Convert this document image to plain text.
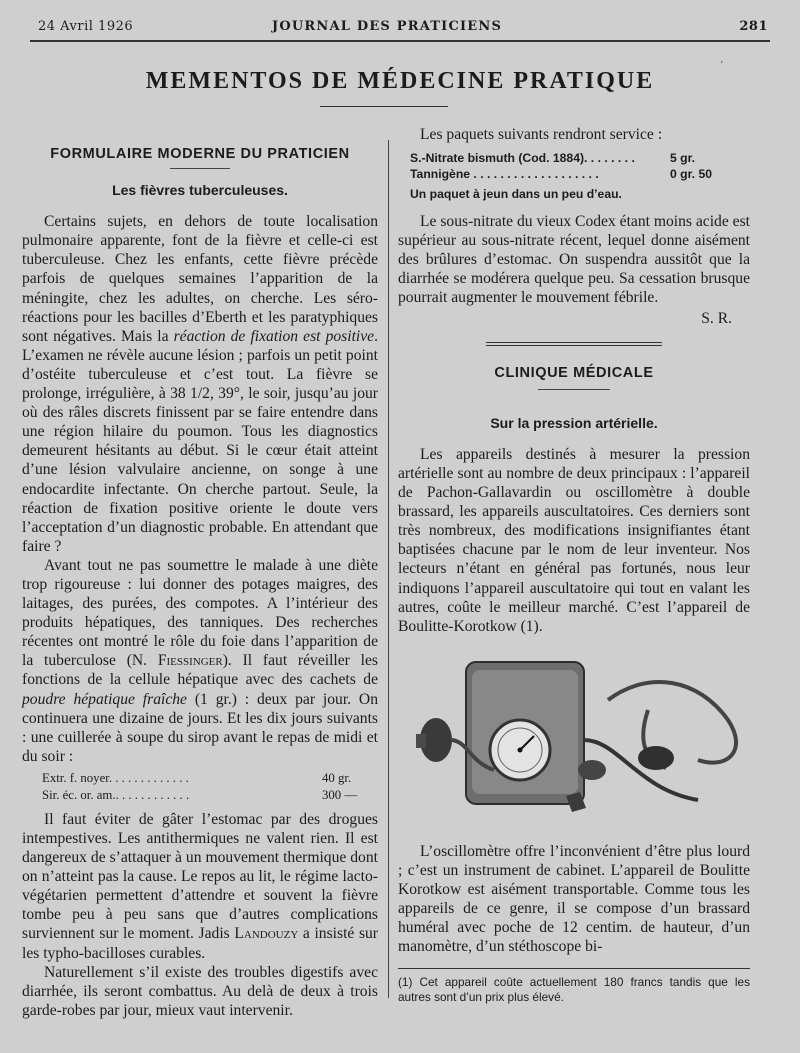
24 Avril 1926	JOURNAL DES PRATICIENS	281
MEMENTOS DE MÉDECINE PRATIQUE
‘
FORMULAIRE MODERNE DU PRATICIEN
Les fièvres tuberculeuses.

Certains sujets, en dehors de toute localisation pulmonaire apparente, font de la fièvre et celle-ci est tuberculeuse. Chez les enfants, cette fièvre précède parfois de quelques semaines l’apparition de la méningite, chez les adultes, on cherche. Les séro-réactions pour les bacilles d’Eberth et les paratyphiques sont négatives. Mais la réaction de fixation est positive. L’examen ne révèle aucune lésion ; parfois un petit point d’ostéite tuberculeuse et c’est tout. La fièvre se prolonge, irrégulière, à 38 1/2, 39°, le soir, jusqu’au jour où des râles discrets finissent par se faire entendre dans une région hilaire du poumon. Tous les diagnostics demeurent hésitants au début. Si le cœur était atteint d’une lésion valvulaire ancienne, on songe à une endocardite infectante. On cherche partout. Seule, la réaction de fixation positive oriente le doute vers l’acceptation d’un diagnostic probable. En attendant que faire ?

Avant tout ne pas soumettre le malade à une diète trop rigoureuse : lui donner des potages maigres, des laitages, des purées, des compotes. A l’intérieur des produits hépatiques, des tanniques. Des recherches récentes ont montré le rôle du foie dans l’apparition de la tuberculose (N. Fiessinger). Il faut réveiller les fonctions de la cellule hépatique avec des cachets de poudre hépatique fraîche (1 gr.) : deux par jour. On continuera une dizaine de jours. Et les dix jours suivants : une cuillerée à soupe du sirop avant le repas de midi et du soir :

Extr. f. noyer. . . . . . . . . . . . .	40 gr.
Sir. éc. or. am.. . . . . . . . . . . .	300 —

Il faut éviter de gâter l’estomac par des drogues intempestives. Les antithermiques ne valent rien. Il est dangereux de s’attaquer à un mouvement thermique dont on n’atteint pas la cause. Le repos au lit, le régime lacto-végétarien permettent d’attendre et souvent la fièvre tombe peu à peu sans que d’autres complications surviennent sur le moment. Jadis Landouzy a insisté sur les typho-bacilloses curables.

Naturellement s’il existe des troubles digestifs avec diarrhée, ils seront combattus. Au delà de deux à trois garde-robes par jour, mieux vaut intervenir.

Les paquets suivants rendront service :

S.-Nitrate bismuth (Cod. 1884). . . . . . . .	5 gr.
Tannigène . . . . . . . . . . . . . . . . . . .	0 gr. 50
Un paquet à jeun dans un peu d’eau.

Le sous-nitrate du vieux Codex étant moins acide est supérieur au sous-nitrate récent, lequel donne aisément des brûlures d’estomac. On suspendra aussitôt que la diarrhée se modérera quelque peu. Sa cessation brusque pourrait augmenter le mouvement fébrile.

S. R.
CLINIQUE MÉDICALE
Sur la pression artérielle.

Les appareils destinés à mesurer la pression artérielle sont au nombre de deux principaux : l’appareil de Pachon-Gallavardin ou oscillomètre à double brassard, les appareils auscultatoires. Ces derniers sont très nombreux, des modifications insignifiantes étant baptisées chacune par le nom de leur inventeur. Nos lecteurs n’étant en général pas fortunés, nous leur indiquons l’appareil auscultatoire qui tout en valant les autres, coûte le meilleur marché. C’est l’appareil de Boulitte-Korotkow (1).

L’oscillomètre offre l’inconvénient d’être plus lourd ; c’est un instrument de cabinet. L’appareil de Boulitte Korotkow est aisément transportable. Comme tous les appareils de ce genre, il se compose d’un brassard huméral avec poche de 12 centim. de hauteur, d’un manomètre, d’un stéthoscope bi-

(1) Cet appareil coûte actuellement 180 francs tandis que les autres sont d’un prix plus élevé.
